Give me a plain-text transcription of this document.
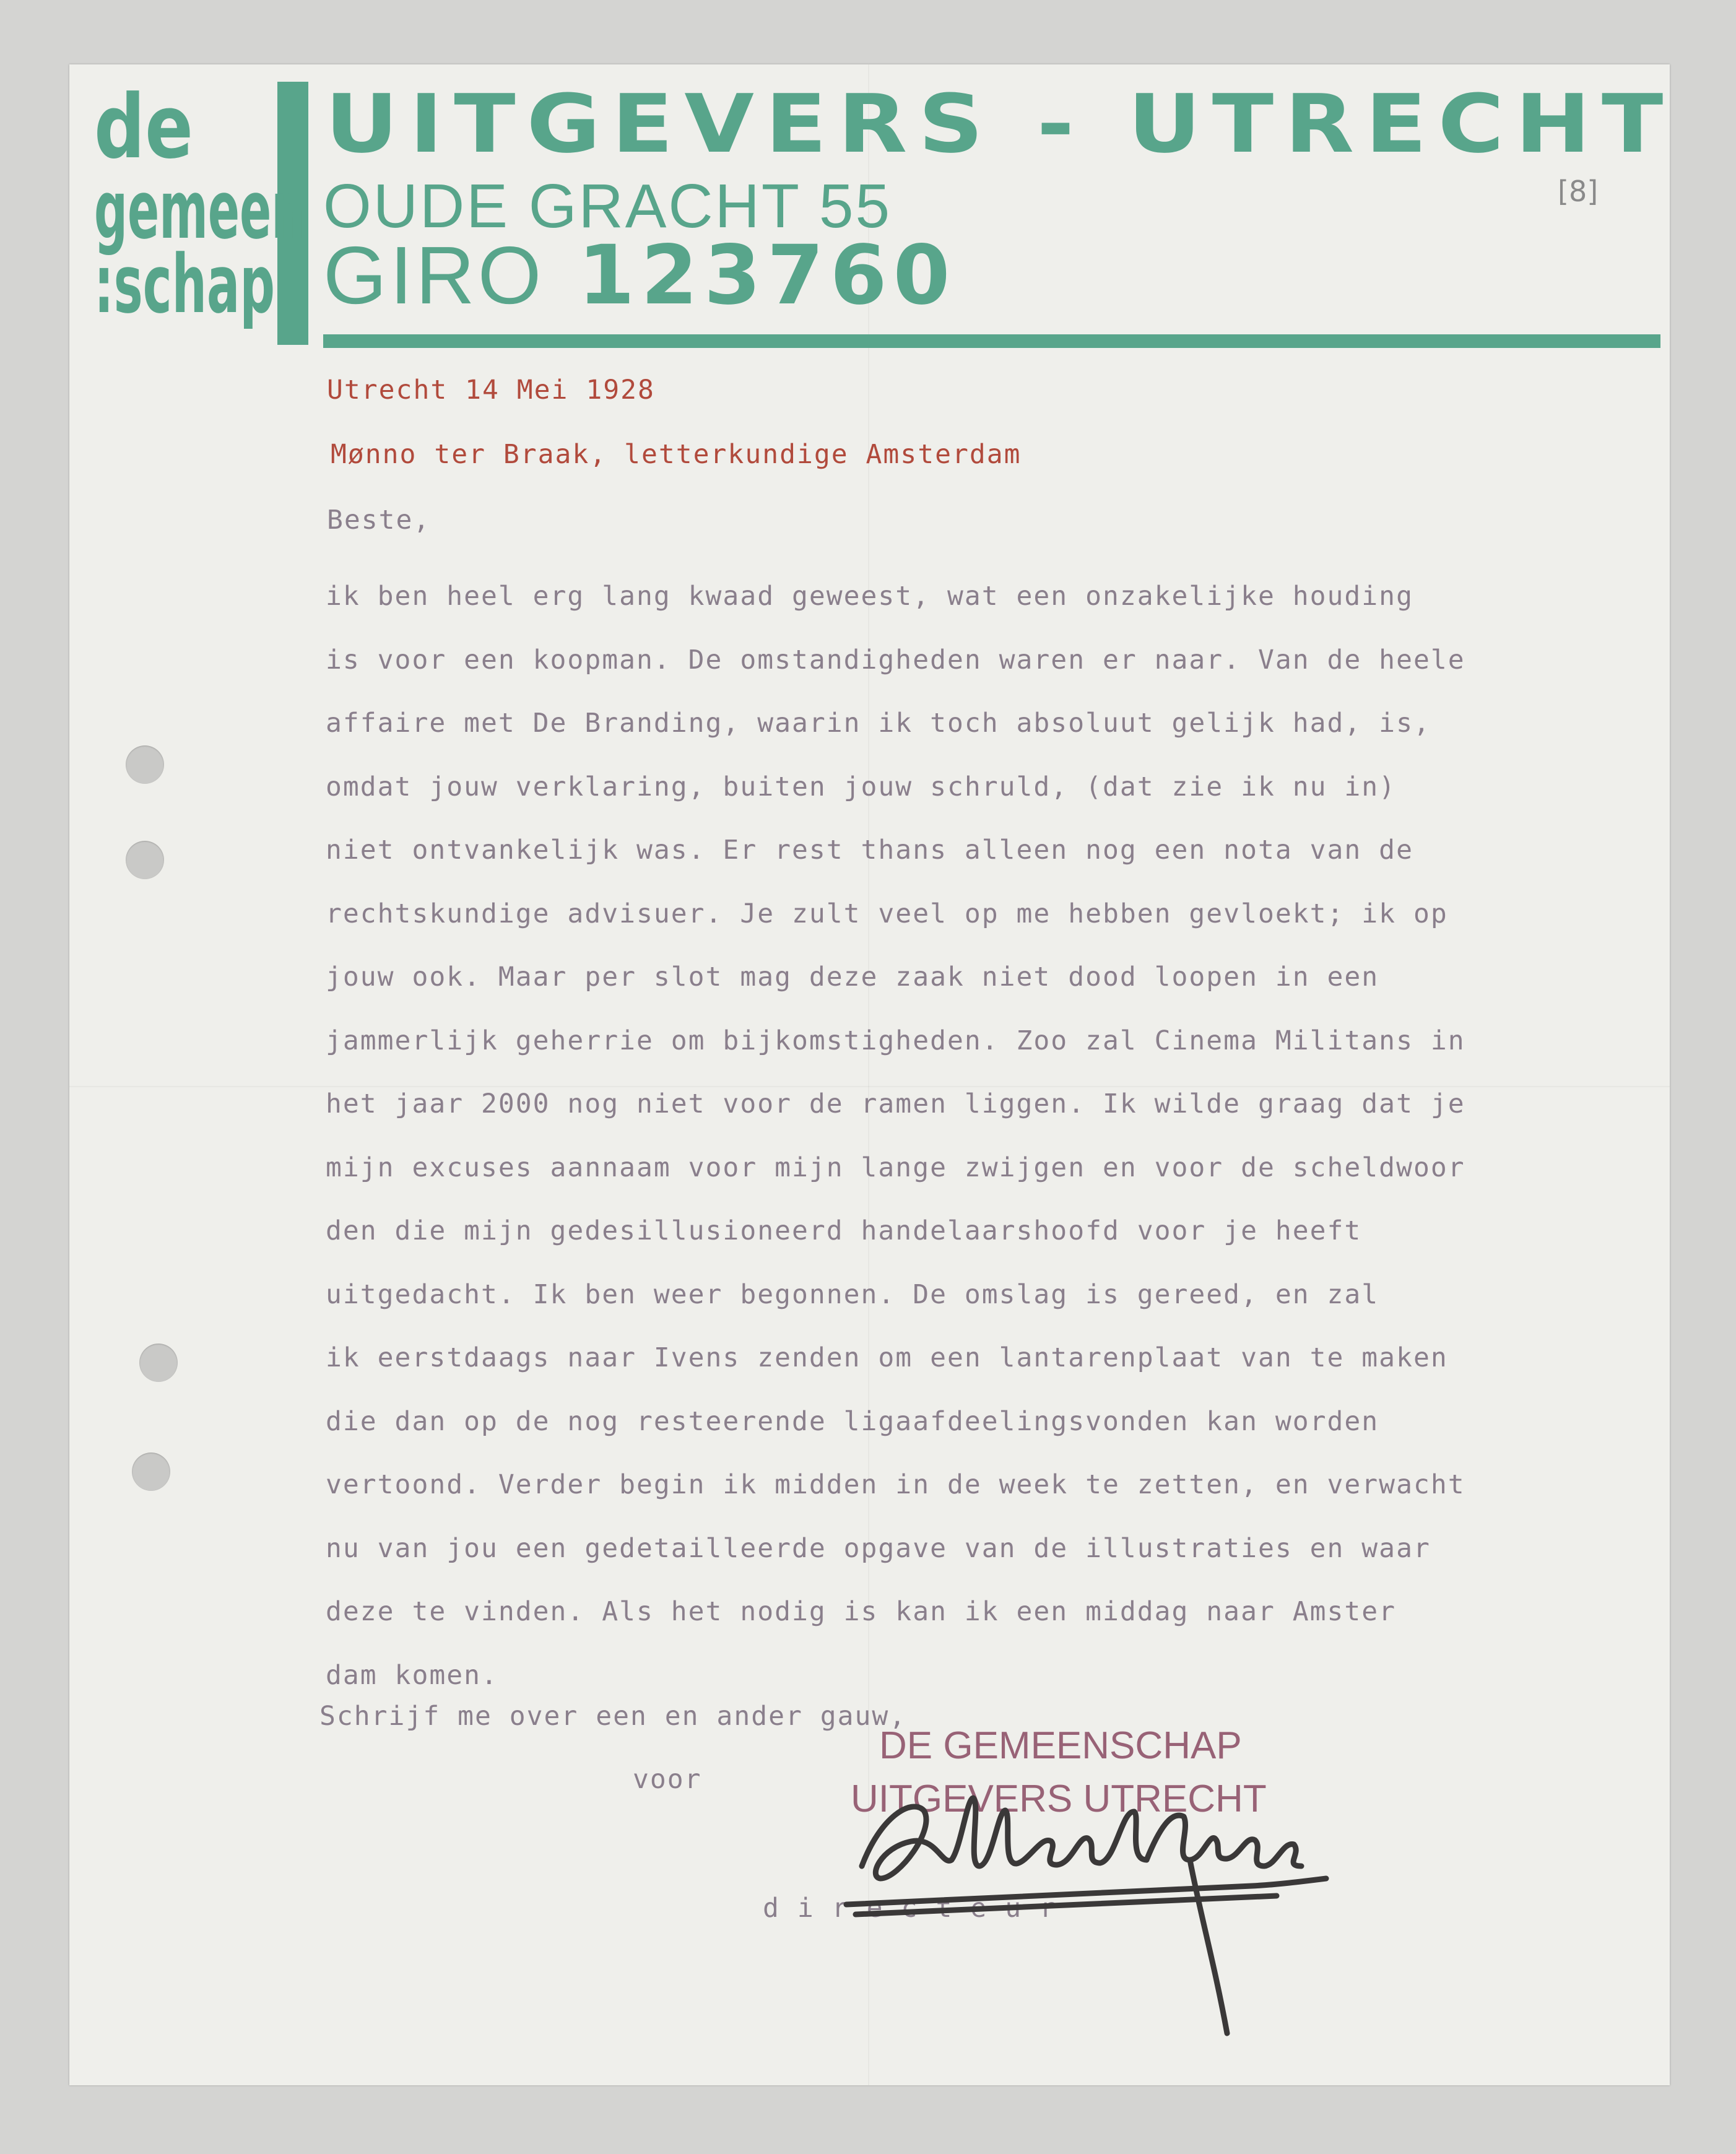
de
gemeen
:schap
UITGEVERS - UTRECHT
OUDE GRACHT 55
GIRO 123760
[8]
Utrecht 14 Mei 1928
Mønno ter Braak, letterkundige Amsterdam
Beste,
ik ben heel erg lang kwaad geweest, wat een onzakelijke houding
is voor een koopman. De omstandigheden waren er naar. Van de heele
affaire met De Branding, waarin ik toch absoluut gelijk had, is,
omdat jouw verklaring, buiten jouw schruld, (dat zie ik nu in)
niet ontvankelijk was. Er rest thans alleen nog een nota van de
rechtskundige advisuer. Je zult veel op me hebben gevloekt; ik op
jouw ook. Maar per slot mag deze zaak niet dood loopen in een
jammerlijk geherrie om bijkomstigheden. Zoo zal Cinema Militans in
het jaar 2000 nog niet voor de ramen liggen. Ik wilde graag dat je
mijn excuses aannaam voor mijn lange zwijgen en voor de scheldwoor
den die mijn gedesillusioneerd handelaarshoofd voor je heeft
uitgedacht. Ik ben weer begonnen. De omslag is gereed, en zal
ik eerstdaags naar Ivens zenden om een lantarenplaat van te maken
die dan op de nog resteerende ligaafdeelingsvonden kan worden
vertoond. Verder begin ik midden in de week te zetten, en verwacht
nu van jou een gedetailleerde opgave van de illustraties en waar
deze te vinden. Als het nodig is kan ik een middag naar Amster
dam komen.
Schrijf me over een en ander gauw,
voor
DE GEMEENSCHAP
UITGEVERS UTRECHT
directeur
